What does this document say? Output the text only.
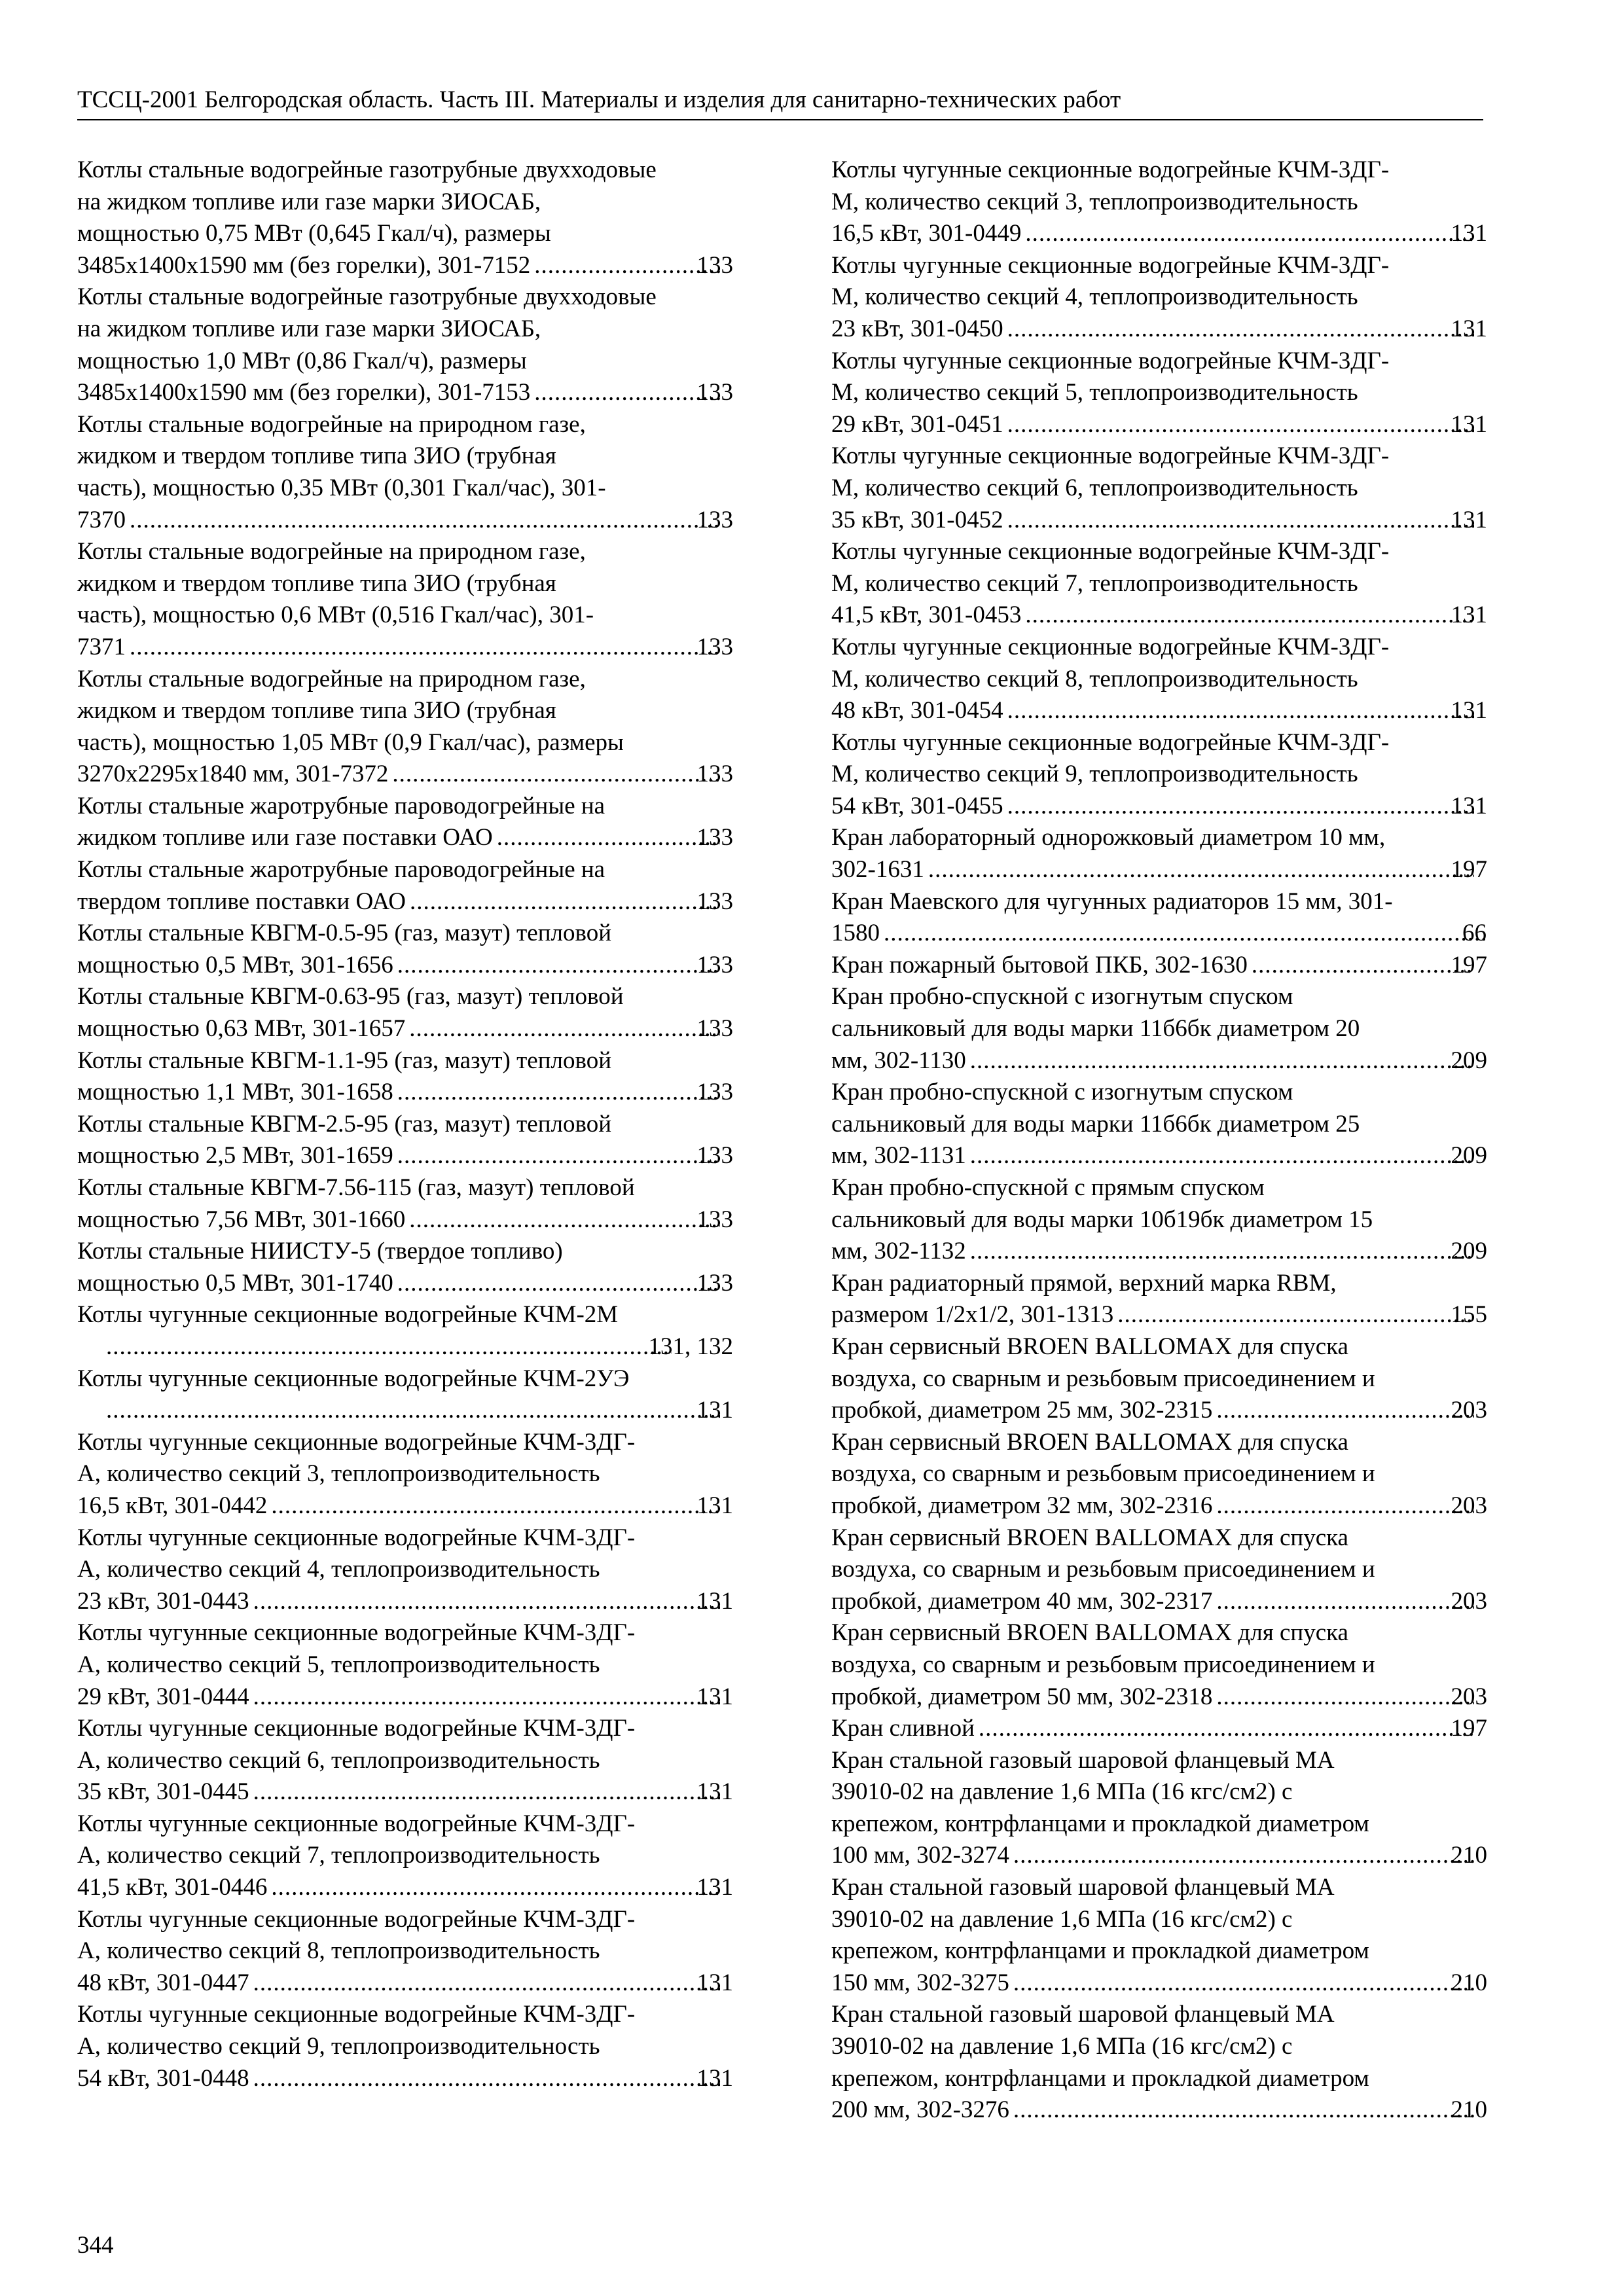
ТССЦ-2001 Белгородская область. Часть III. Материалы и изделия для санитарно-технических работ
Котлы стальные водогрейные газотрубные двухходовые
на жидком топливе или газе марки ЗИОСАБ,
мощностью 0,75 МВт (0,645 Гкал/ч), размеры
3485х1400х1590 мм (без горелки), 301-7152 .....	133
Котлы стальные водогрейные газотрубные двухходовые
на жидком топливе или газе марки ЗИОСАБ,
мощностью 1,0 МВт (0,86 Гкал/ч), размеры
3485х1400х1590 мм (без горелки), 301-7153 .....	133
Котлы стальные водогрейные на природном газе,
жидком и твердом топливе типа ЗИО (трубная
часть), мощностью 0,35 МВт (0,301 Гкал/час), 301-
7370 .....	133
Котлы стальные водогрейные на природном газе,
жидком и твердом топливе типа ЗИО (трубная
часть), мощностью 0,6 МВт (0,516 Гкал/час), 301-
7371 .....	133
Котлы стальные водогрейные на природном газе,
жидком и твердом топливе типа ЗИО (трубная
часть), мощностью 1,05 МВт (0,9 Гкал/час), размеры
3270х2295х1840 мм, 301-7372 .....	133
Котлы стальные жаротрубные пароводогрейные на
жидком топливе или газе поставки ОАО .....	133
Котлы стальные жаротрубные пароводогрейные на
твердом топливе поставки ОАО .....	133
Котлы стальные КВГМ-0.5-95 (газ, мазут) тепловой
мощностью 0,5 МВт, 301-1656 .....	133
Котлы стальные КВГМ-0.63-95 (газ, мазут) тепловой
мощностью 0,63 МВт, 301-1657 .....	133
Котлы стальные КВГМ-1.1-95 (газ, мазут) тепловой
мощностью 1,1 МВт, 301-1658 .....	133
Котлы стальные КВГМ-2.5-95 (газ, мазут) тепловой
мощностью 2,5 МВт, 301-1659 .....	133
Котлы стальные КВГМ-7.56-115 (газ, мазут) тепловой
мощностью 7,56 МВт, 301-1660 .....	133
Котлы стальные НИИСТУ-5 (твердое топливо)
мощностью 0,5 МВт, 301-1740 .....	133
Котлы чугунные секционные водогрейные КЧМ-2М
.....
131, 132
Котлы чугунные секционные водогрейные КЧМ-2УЭ
.....
131
Котлы чугунные секционные водогрейные КЧМ-3ДГ-
А, количество секций 3, теплопроизводительность
16,5 кВт, 301-0442 .....	131
Котлы чугунные секционные водогрейные КЧМ-3ДГ-
А, количество секций 4, теплопроизводительность
23 кВт, 301-0443 .....	131
Котлы чугунные секционные водогрейные КЧМ-3ДГ-
А, количество секций 5, теплопроизводительность
29 кВт, 301-0444 .....	131
Котлы чугунные секционные водогрейные КЧМ-3ДГ-
А, количество секций 6, теплопроизводительность
35 кВт, 301-0445 .....	131
Котлы чугунные секционные водогрейные КЧМ-3ДГ-
А, количество секций 7, теплопроизводительность
41,5 кВт, 301-0446 .....	131
Котлы чугунные секционные водогрейные КЧМ-3ДГ-
А, количество секций 8, теплопроизводительность
48 кВт, 301-0447 .....	131
Котлы чугунные секционные водогрейные КЧМ-3ДГ-
А, количество секций 9, теплопроизводительность
54 кВт, 301-0448 .....	131
Котлы чугунные секционные водогрейные КЧМ-3ДГ-
М, количество секций 3, теплопроизводительность
16,5 кВт, 301-0449 .....	131
Котлы чугунные секционные водогрейные КЧМ-3ДГ-
М, количество секций 4, теплопроизводительность
23 кВт, 301-0450 .....	131
Котлы чугунные секционные водогрейные КЧМ-3ДГ-
М, количество секций 5, теплопроизводительность
29 кВт, 301-0451 .....	131
Котлы чугунные секционные водогрейные КЧМ-3ДГ-
М, количество секций 6, теплопроизводительность
35 кВт, 301-0452 .....	131
Котлы чугунные секционные водогрейные КЧМ-3ДГ-
М, количество секций 7, теплопроизводительность
41,5 кВт, 301-0453 .....	131
Котлы чугунные секционные водогрейные КЧМ-3ДГ-
М, количество секций 8, теплопроизводительность
48 кВт, 301-0454 .....	131
Котлы чугунные секционные водогрейные КЧМ-3ДГ-
М, количество секций 9, теплопроизводительность
54 кВт, 301-0455 .....	131
Кран лабораторный однорожковый диаметром 10 мм,
302-1631 .....	197
Кран Маевского для чугунных радиаторов 15 мм, 301-
1580 .....	66
Кран пожарный бытовой ПКБ, 302-1630 .....	197
Кран пробно-спускной с изогнутым спуском
сальниковый для воды марки 11б6бк диаметром 20
мм, 302-1130 .....	209
Кран пробно-спускной с изогнутым спуском
сальниковый для воды марки 11б6бк диаметром 25
мм, 302-1131 .....	209
Кран пробно-спускной с прямым спуском
сальниковый для воды марки 10б19бк диаметром 15
мм, 302-1132 .....	209
Кран радиаторный прямой, верхний марка RBM,
размером 1/2х1/2, 301-1313 .....	155
Кран сервисный BROEN BALLOMAX для спуска
воздуха, со сварным и резьбовым присоединением и
пробкой, диаметром 25 мм, 302-2315 .....	203
Кран сервисный BROEN BALLOMAX для спуска
воздуха, со сварным и резьбовым присоединением и
пробкой, диаметром 32 мм, 302-2316 .....	203
Кран сервисный BROEN BALLOMAX для спуска
воздуха, со сварным и резьбовым присоединением и
пробкой, диаметром 40 мм, 302-2317 .....	203
Кран сервисный BROEN BALLOMAX для спуска
воздуха, со сварным и резьбовым присоединением и
пробкой, диаметром 50 мм, 302-2318 .....	203
Кран сливной .....	197
Кран стальной газовый шаровой фланцевый МА
39010-02 на давление 1,6 МПа (16 кгс/см2) с
крепежом, контрфланцами и прокладкой диаметром
100 мм, 302-3274 .....	210
Кран стальной газовый шаровой фланцевый МА
39010-02 на давление 1,6 МПа (16 кгс/см2) с
крепежом, контрфланцами и прокладкой диаметром
150 мм, 302-3275 .....	210
Кран стальной газовый шаровой фланцевый МА
39010-02 на давление 1,6 МПа (16 кгс/см2) с
крепежом, контрфланцами и прокладкой диаметром
200 мм, 302-3276 .....	210
344
